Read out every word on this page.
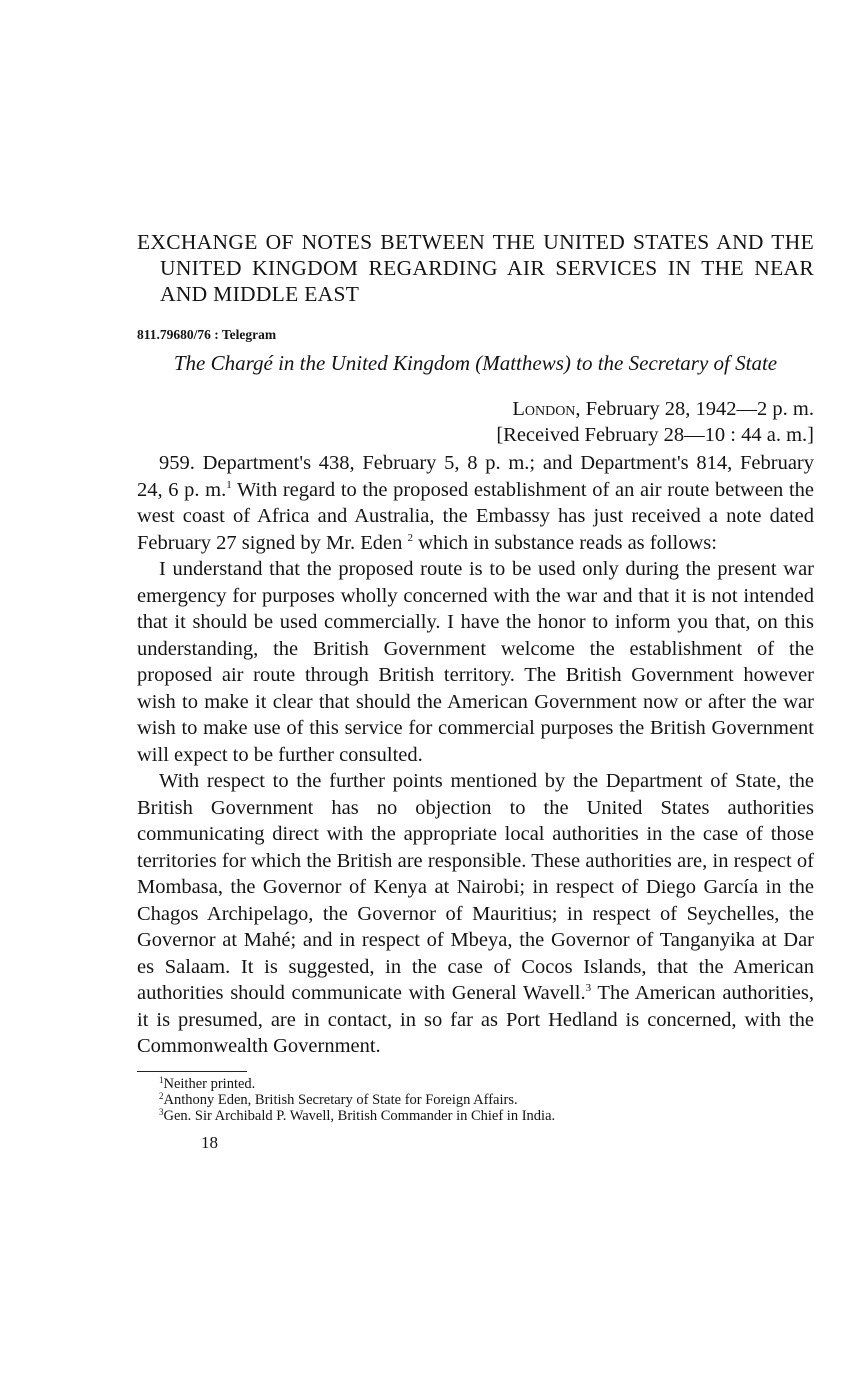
EXCHANGE OF NOTES BETWEEN THE UNITED STATES AND THE UNITED KINGDOM REGARDING AIR SERVICES IN THE NEAR AND MIDDLE EAST
811.79680/76 : Telegram
The Chargé in the United Kingdom (Matthews) to the Secretary of State
London, February 28, 1942—2 p. m.
[Received February 28—10 : 44 a. m.]

959. Department's 438, February 5, 8 p. m.; and Department's 814, February 24, 6 p. m.$^1$ With regard to the proposed establishment of an air route between the west coast of Africa and Australia, the Embassy has just received a note dated February 27 signed by Mr. Eden $^2$ which in substance reads as follows:

I understand that the proposed route is to be used only during the present war emergency for purposes wholly concerned with the war and that it is not intended that it should be used commercially. I have the honor to inform you that, on this understanding, the British Government welcome the establishment of the proposed air route through British territory. The British Government however wish to make it clear that should the American Government now or after the war wish to make use of this service for commercial purposes the British Government will expect to be further consulted.

With respect to the further points mentioned by the Department of State, the British Government has no objection to the United States authorities communicating direct with the appropriate local authorities in the case of those territories for which the British are responsible. These authorities are, in respect of Mombasa, the Governor of Kenya at Nairobi; in respect of Diego García in the Chagos Archipelago, the Governor of Mauritius; in respect of Seychelles, the Governor at Mahé; and in respect of Mbeya, the Governor of Tanganyika at Dar es Salaam. It is suggested, in the case of Cocos Islands, that the American authorities should communicate with General Wavell.$^3$ The American authorities, it is presumed, are in contact, in so far as Port Hedland is concerned, with the Commonwealth Government.

$^1$Neither printed.

$^2$Anthony Eden, British Secretary of State for Foreign Affairs.

$^3$Gen. Sir Archibald P. Wavell, British Commander in Chief in India.

18
